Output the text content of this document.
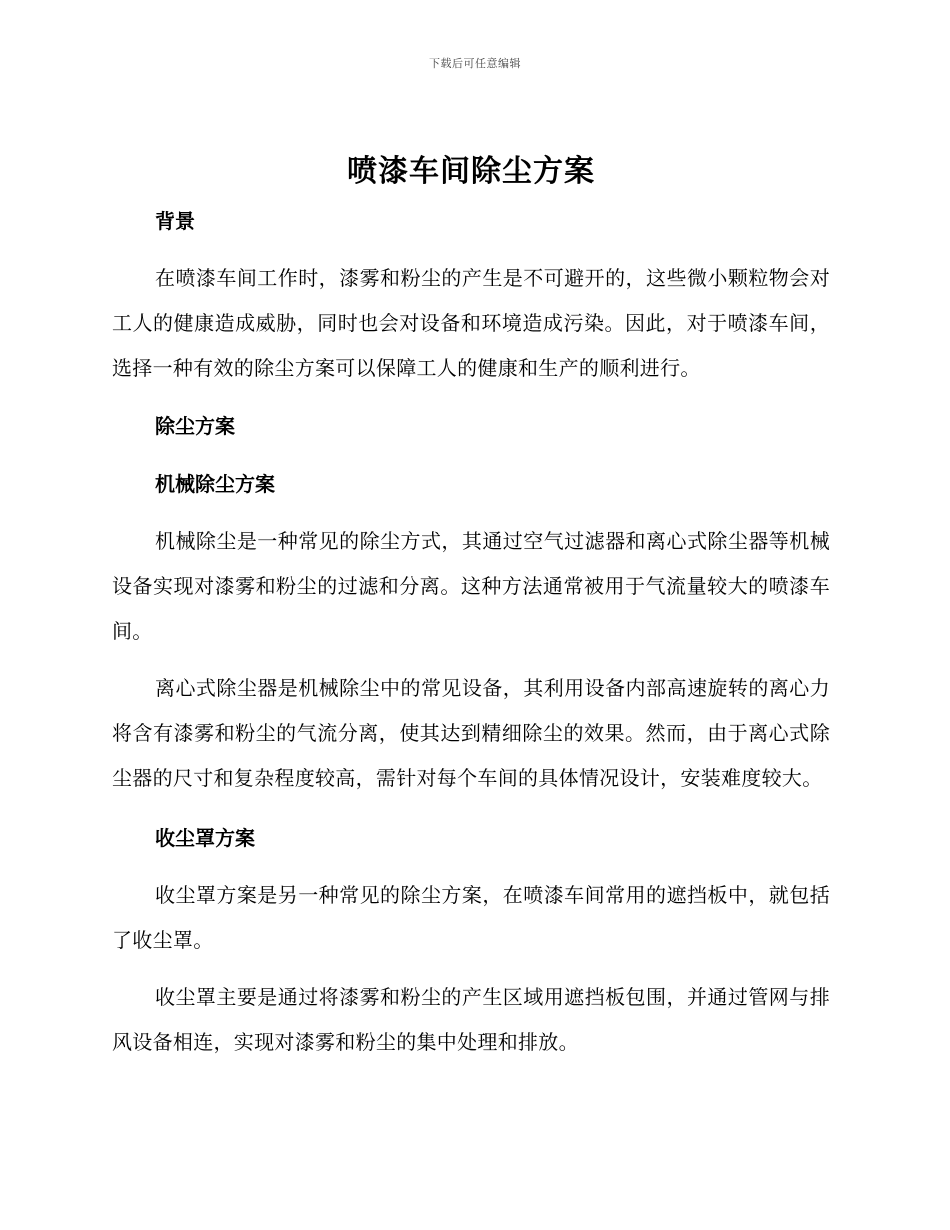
下载后可任意编辑
喷漆车间除尘方案
背景

在喷漆车间工作时，漆雾和粉尘的产生是不可避开的，这些微小颗粒物会对工人的健康造成威胁，同时也会对设备和环境造成污染。因此，对于喷漆车间，选择一种有效的除尘方案可以保障工人的健康和生产的顺利进行。

除尘方案
机械除尘方案

机械除尘是一种常见的除尘方式，其通过空气过滤器和离心式除尘器等机械设备实现对漆雾和粉尘的过滤和分离。这种方法通常被用于气流量较大的喷漆车间。

离心式除尘器是机械除尘中的常见设备，其利用设备内部高速旋转的离心力将含有漆雾和粉尘的气流分离，使其达到精细除尘的效果。然而，由于离心式除尘器的尺寸和复杂程度较高，需针对每个车间的具体情况设计，安装难度较大。

收尘罩方案

收尘罩方案是另一种常见的除尘方案，在喷漆车间常用的遮挡板中，就包括了收尘罩。

收尘罩主要是通过将漆雾和粉尘的产生区域用遮挡板包围，并通过管网与排风设备相连，实现对漆雾和粉尘的集中处理和排放。
